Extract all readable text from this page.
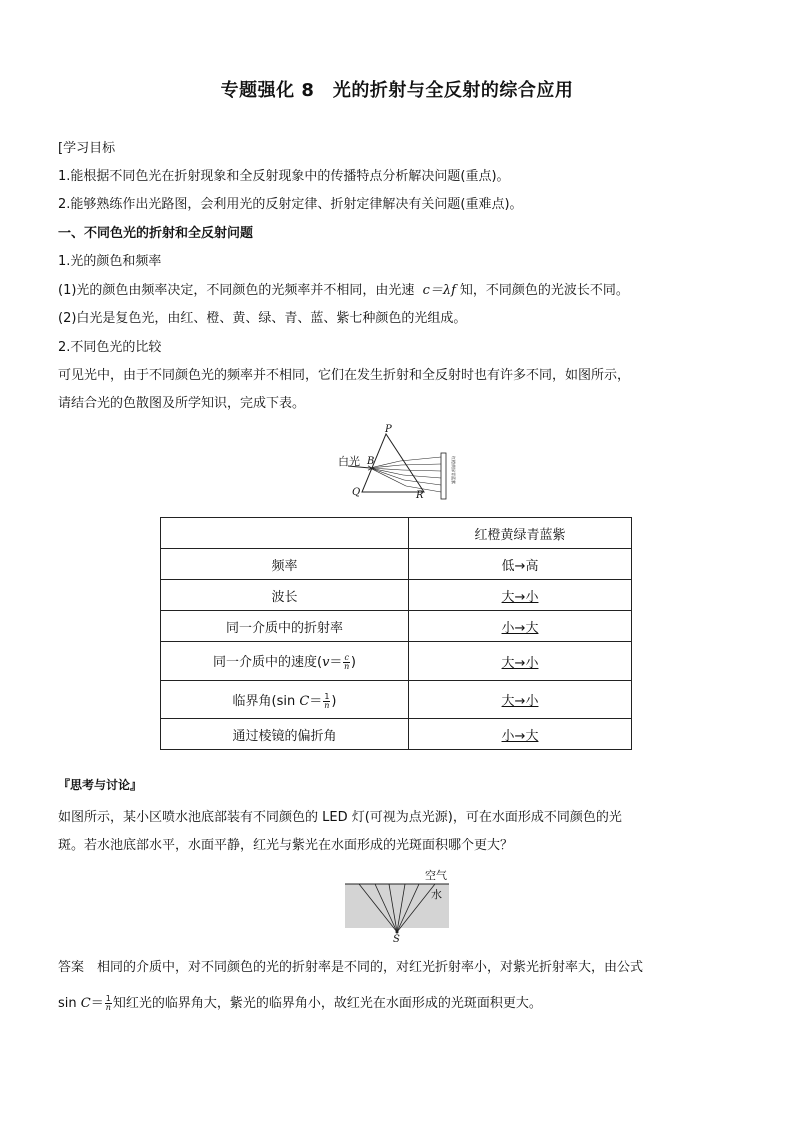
专题强化 8　光的折射与全反射的综合应用
[学习目标
1.能根据不同色光在折射现象和全反射现象中的传播特点分析解决问题(重点)。
2.能够熟练作出光路图，会利用光的反射定律、折射定律解决有关问题(重难点)。
一、不同色光的折射和全反射问题
1.光的颜色和频率
(1)光的颜色由频率决定，不同颜色的光频率并不相同，由光速 c＝λf 知，不同颜色的光波长不同。
(2)白光是复色光，由红、橙、黄、绿、青、蓝、紫七种颜色的光组成。
2.不同色光的比较
可见光中，由于不同颜色光的频率并不相同，它们在发生折射和全反射时也有许多不同，如图所示，
请结合光的色散图及所学知识，完成下表。
白光
P
B
Q	R
红橙黄绿青蓝紫
	红橙黄绿青蓝紫
频率	低→高
波长	大→小
同一介质中的折射率	小→大
同一介质中的速度($v= \frac{c}{n}$ )	大→小
临界角(sin $C= \frac{1}{n}$ )	大→小
通过棱镜的偏折角	小→大
『思考与讨论』
如图所示，某小区喷水池底部装有不同颜色的 LED 灯(可视为点光源)，可在水面形成不同颜色的光
斑。若水池底部水平，水面平静，红光与紫光在水面形成的光斑面积哪个更大？
空气
水
S
答案 相同的介质中，对不同颜色的光的折射率是不同的，对红光折射率小，对紫光折射率大，由公式
$\sin C= \frac{1}{n}$ 知红光的临界角大，紫光的临界角小，故红光在水面形成的光斑面积更大。
